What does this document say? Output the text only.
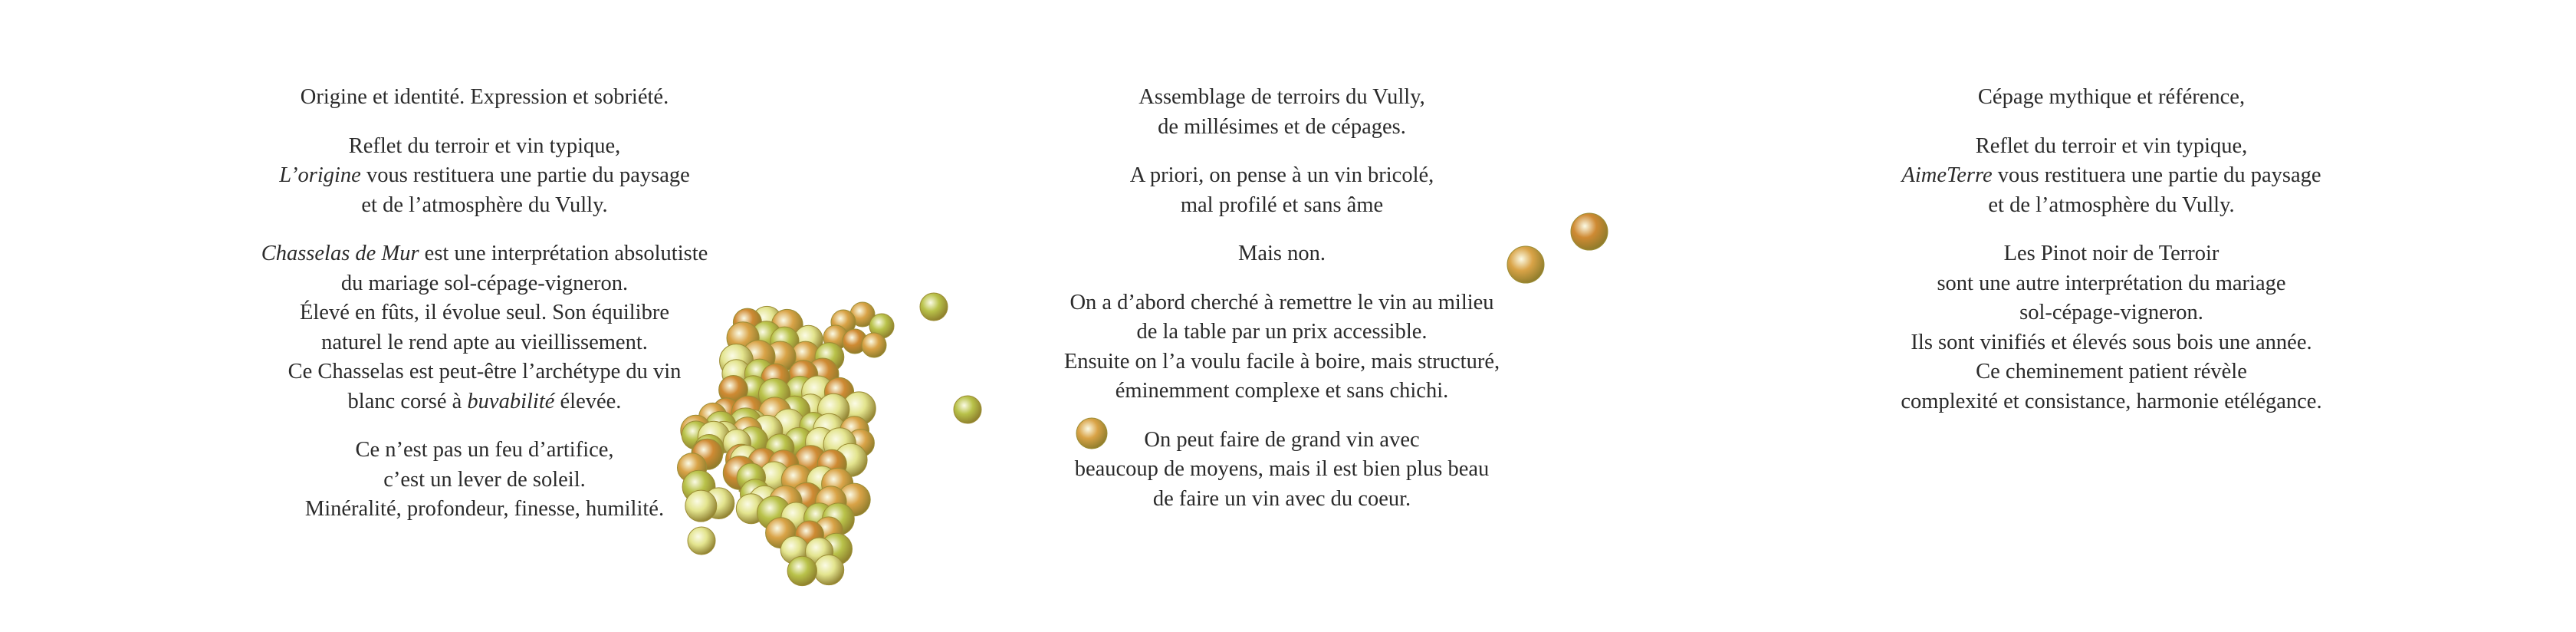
Origine et identité. Expression et sobriété.

Reflet du terroir et vin typique,
L’origine vous restituera une partie du paysage
et de l’atmosphère du Vully.

Chasselas de Mur est une interprétation absolutiste
du mariage sol-cépage-vigneron.
Élevé en fûts, il évolue seul. Son équilibre
naturel le rend apte au vieillissement.
Ce Chasselas est peut-être l’archétype du vin
blanc corsé à buvabilité élevée.

Ce n’est pas un feu d’artifice,
c’est un lever de soleil.
Minéralité, profondeur, finesse, humilité.

Assemblage de terroirs du Vully,
de millésimes et de cépages.

A priori, on pense à un vin bricolé,
mal profilé et sans âme

Mais non.

On a d’abord cherché à remettre le vin au milieu
de la table par un prix accessible.
Ensuite on l’a voulu facile à boire, mais structuré,
éminemment complexe et sans chichi.

On peut faire de grand vin avec
beaucoup de moyens, mais il est bien plus beau
de faire un vin avec du coeur.

Cépage mythique et référence,

Reflet du terroir et vin typique,
AimeTerre vous restituera une partie du paysage
et de l’atmosphère du Vully.

Les Pinot noir de Terroir
sont une autre interprétation du mariage
sol-cépage-vigneron.
Ils sont vinifiés et élevés sous bois une année.
Ce cheminement patient révèle
complexité et consistance, harmonie etélégance.
